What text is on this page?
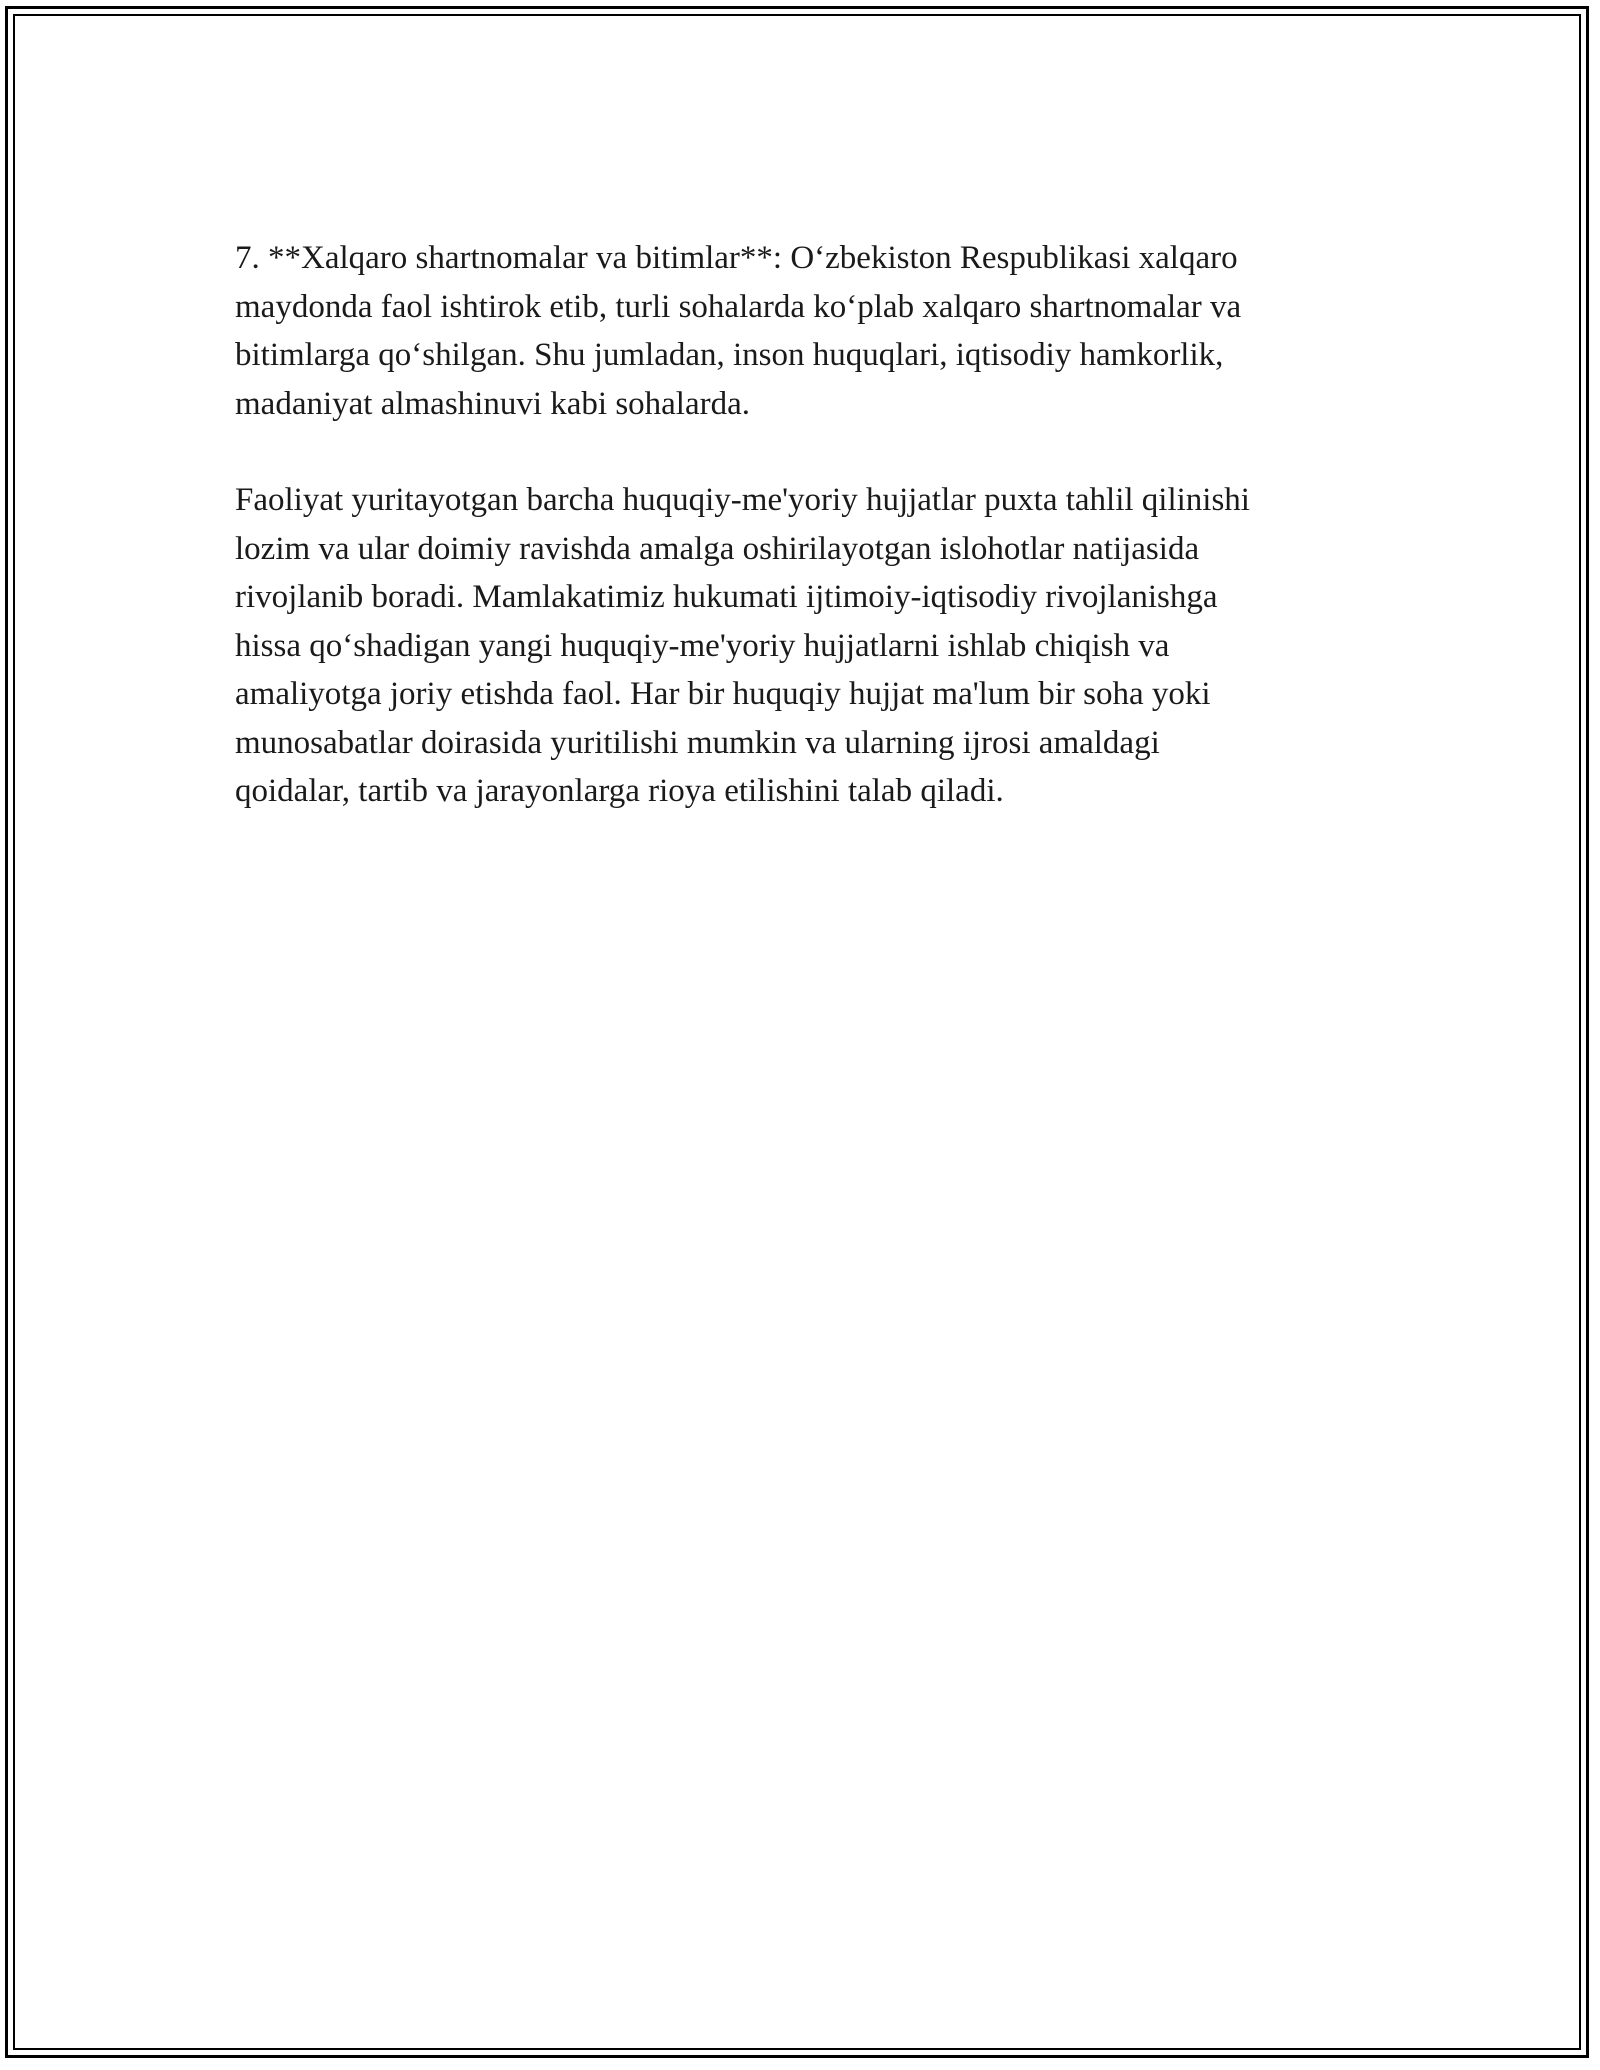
7. **Xalqaro shartnomalar va bitimlar**: O‘zbekiston Respublikasi xalqaro
maydonda faol ishtirok etib, turli sohalarda ko‘plab xalqaro shartnomalar va
bitimlarga qo‘shilgan. Shu jumladan, inson huquqlari, iqtisodiy hamkorlik,
madaniyat almashinuvi kabi sohalarda.

Faoliyat yuritayotgan barcha huquqiy-me'yoriy hujjatlar puxta tahlil qilinishi
lozim va ular doimiy ravishda amalga oshirilayotgan islohotlar natijasida
rivojlanib boradi. Mamlakatimiz hukumati ijtimoiy-iqtisodiy rivojlanishga
hissa qo‘shadigan yangi huquqiy-me'yoriy hujjatlarni ishlab chiqish va
amaliyotga joriy etishda faol. Har bir huquqiy hujjat ma'lum bir soha yoki
munosabatlar doirasida yuritilishi mumkin va ularning ijrosi amaldagi
qoidalar, tartib va jarayonlarga rioya etilishini talab qiladi.
